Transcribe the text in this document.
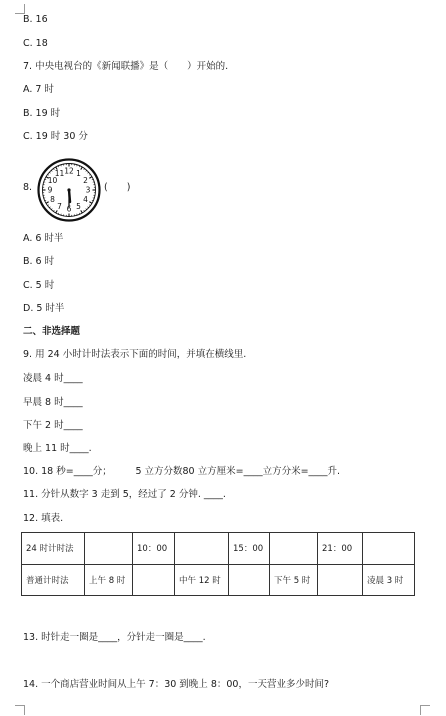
B. 16
C. 18
7. 中央电视台的《新闻联播》是（　　）开始的.
A. 7 时
B. 19 时
C. 19 时 30 分
8.
12 1
2
3
4
5
6
7
8
9
10
11
(　　)
A. 6 时半
B. 6 时
C. 5 时
D. 5 时半
二、非选择题
9. 用 24 小时计时法表示下面的时间，并填在横线里.
凌晨 4 时____
早晨 8 时____
下午 2 时____
晚上 11 时____.
10. 18 秒=____分；　　　5 立方分数80 立方厘米=____立方分米=____升.
11. 分针从数字 3 走到 5，经过了 2 分钟. ____.
12. 填表.
24 时计时法		10：00		15：00		21：00	
普通计时法	上午 8 时		中午 12 时		下午 5 时		凌晨 3 时
13. 时针走一圈是____，分针走一圈是____.
14. 一个商店营业时间从上午 7：30 到晚上 8：00，一天营业多少时间?
